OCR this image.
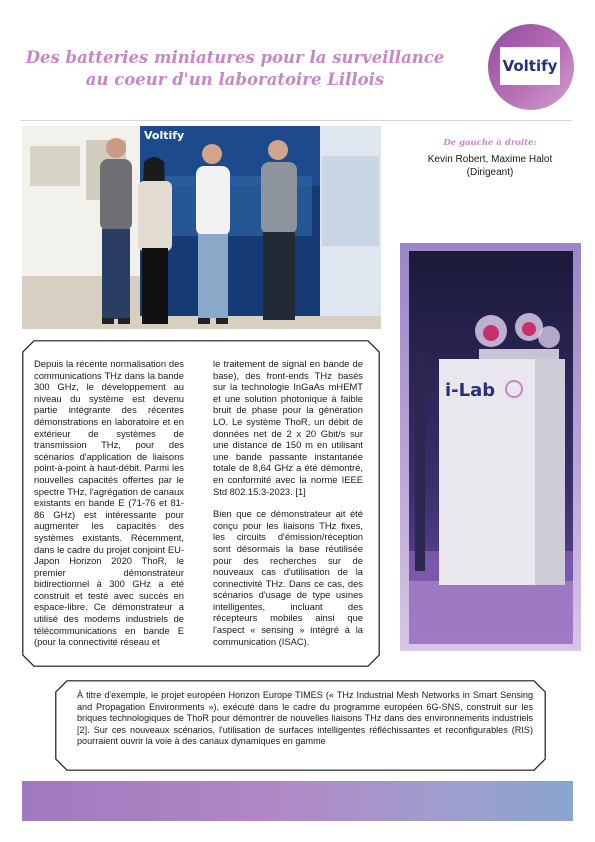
Des batteries miniatures pour la surveillance
au coeur d'un laboratoire Lillois
Voltify
Voltify
De gauche à droite:
Kevin Robert, Maxime Halot
(Dirigeant)
i-Lab

Depuis la récente normalisation des communications THz dans la bande 300 GHz, le développement au niveau du système est devenu partie intégrante des récentes démonstrations en laboratoire et en extérieur de systèmes de transmission THz, pour des scénarios d'application de liaisons point-à-point à haut-débit. Parmi les nouvelles capacités offertes par le spectre THz, l'agrégation de canaux existants en bande E (71-76 et 81-86 GHz) est intéressante pour augmenter les capacités des systèmes existants. Récemment, dans le cadre du projet conjoint EU-Japon Horizon 2020 ThoR, le premier démonstrateur bidirectionnel à 300 GHz a été construit et testé avec succès en espace-libre. Ce démonstrateur a utilisé des modems industriels de télécommunications en bande E (pour la connectivité réseau et

le traitement de signal en bande de base), des front-ends THz basés sur la technologie InGaAs mHEMT et une solution photonique à faible bruit de phase pour la génération LO. Le système ThoR, un débit de données net de 2 x 20 Gbit/s sur une distance de 150 m en utilisant une bande passante instantanée totale de 8,64 GHz a été démontré, en conformité avec la norme IEEE Std 802.15.3-2023. [1]

Bien que ce démonstrateur ait été conçu pour les liaisons THz fixes, les circuits d'émission/réception sont désormais la base réutilisée pour des recherches sur de nouveaux cas d'utilisation de la connectivité THz. Dans ce cas, des scénarios d'usage de type usines intelligentes, incluant des récepteurs mobiles ainsi que l'aspect « sensing » intégré à la communication (ISAC).

À titre d'exemple, le projet européen Horizon Europe TIMES (« THz Industrial Mesh Networks in Smart Sensing and Propagation Environments »), exécuté dans le cadre du programme européen 6G-SNS, construit sur les briques technologiques de ThoR pour démontrer de nouvelles liaisons THz dans des environnements industriels [2]. Sur ces nouveaux scénarios, l'utilisation de surfaces intelligentes réfléchissantes et reconfigurables (RIS) pourraient ouvrir la voie à des canaux dynamiques en gamme
